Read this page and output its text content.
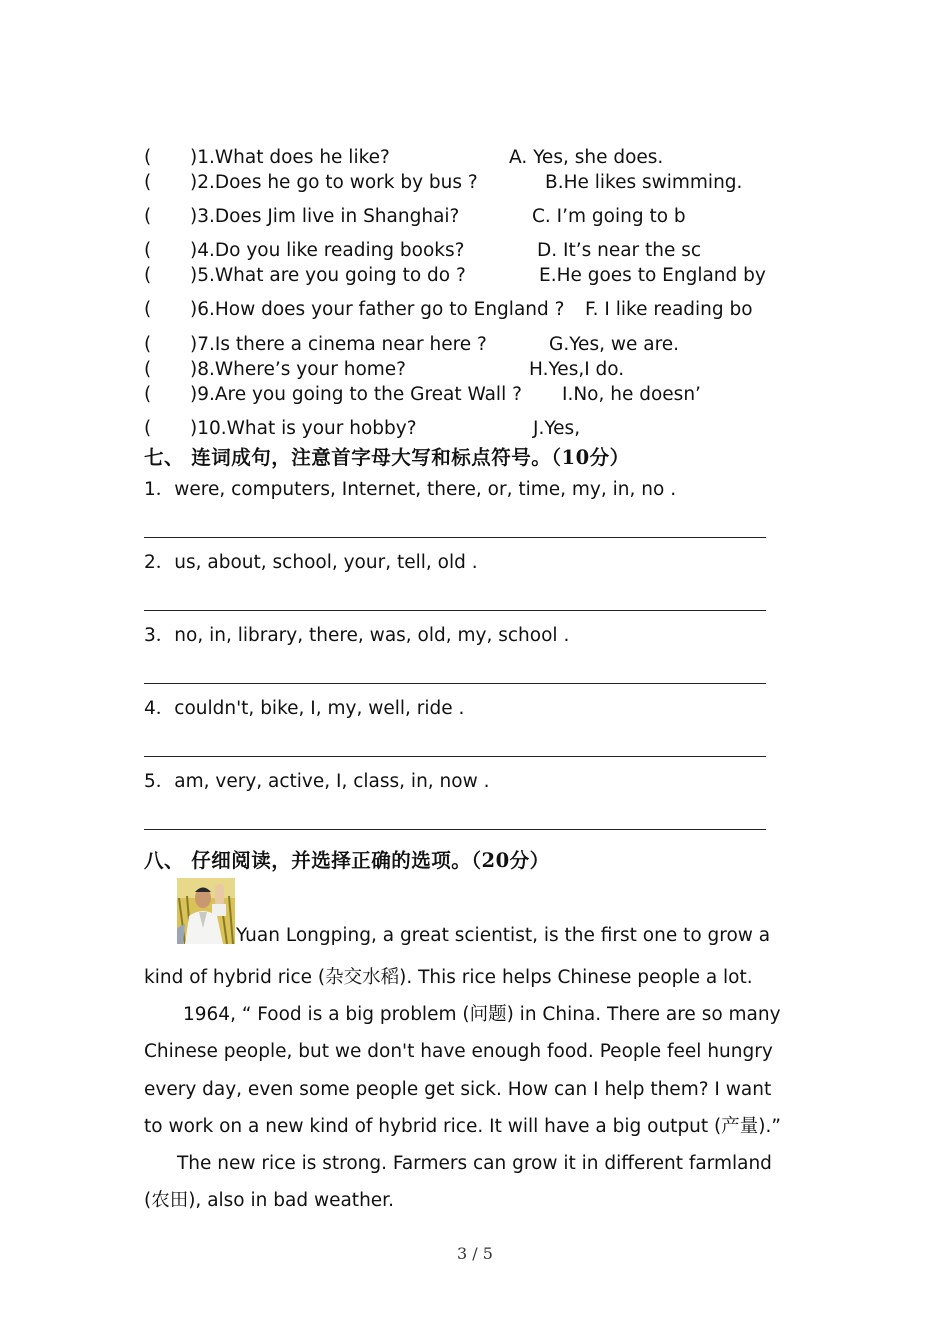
( )1.What does he like?	A. Yes, she does.
( )2.Does he go to work by bus ?	B.He likes swimming.
( )3.Does Jim live in Shanghai?	C. I’m going to b
( )4.Do you like reading books?	D. It’s near the sc
( )5.What are you going to do ?	E.He goes to England by
( )6.How does your father go to England ? F. I like reading bo
( )7.Is there a cinema near here ?	G.Yes, we are.
( )8.Where’s your home?	H.Yes,I do.
( )9.Are you going to the Great Wall ? I.No, he doesn’
( )10.What is your hobby?	J.Yes,
七、 连词成句，注意首字母大写和标点符号。（10分）
1．were, computers, Internet, there, or, time, my, in, no .
2．us, about, school, your, tell, old .
3．no, in, library, there, was, old, my, school .
4．couldn't, bike, I, my, well, ride .
5．am, very, active, I, class, in, now .
八、 仔细阅读，并选择正确的选项。（20分）
Yuan Longping, a great scientist, is the first one to grow a
kind of hybrid rice (杂交水稻). This rice helps Chinese people a lot.
1964, “ Food is a big problem (问题) in China. There are so many
Chinese people, but we don't have enough food. People feel hungry
every day, even some people get sick. How can I help them? I want
to work on a new kind of hybrid rice. It will have a big output (产量).”
The new rice is strong. Farmers can grow it in different farmland
(农田), also in bad weather.
3 / 5
